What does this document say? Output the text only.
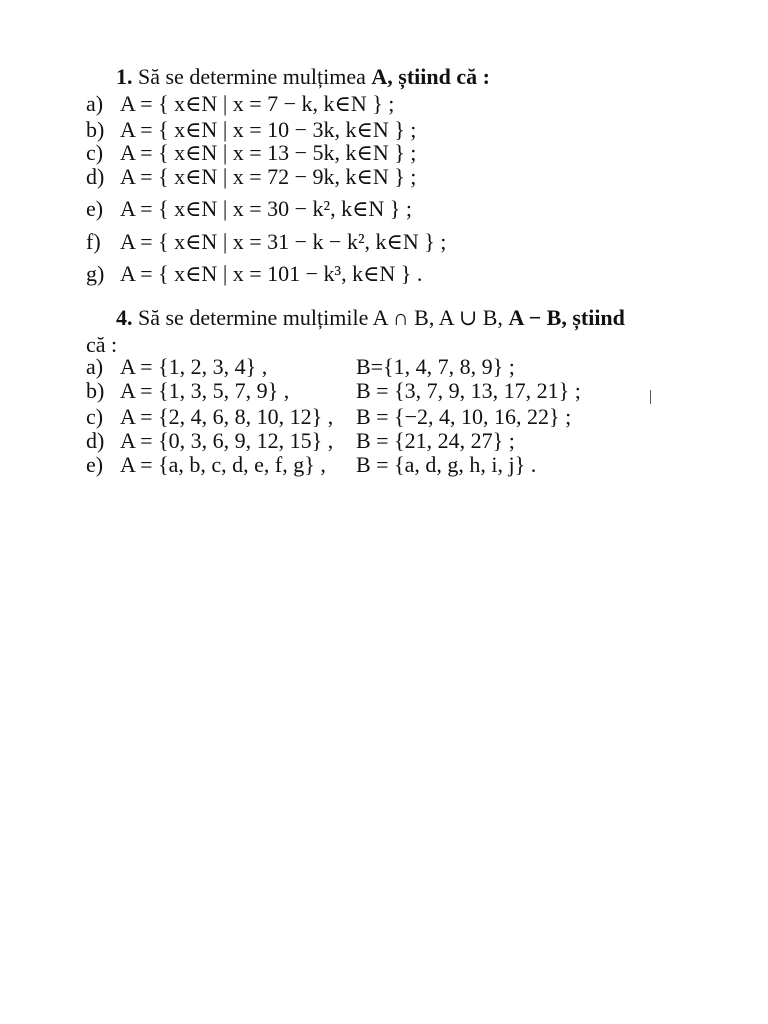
1. Să se determine mulțimea A, știind că :
a) A = { x∈N | x = 7 − k, k∈N } ;
b) A = { x∈N | x = 10 − 3k, k∈N } ;
c) A = { x∈N | x = 13 − 5k, k∈N } ;
d) A = { x∈N | x = 72 − 9k, k∈N } ;
e) A = { x∈N | x = 30 − k², k∈N } ;
f) A = { x∈N | x = 31 − k − k², k∈N } ;
g) A = { x∈N | x = 101 − k³, k∈N } .
4. Să se determine mulțimile A ∩ B, A ∪ B, A − B, știind
că :
a) A = {1, 2, 3, 4} ,
b) A = {1, 3, 5, 7, 9} ,
c) A = {2, 4, 6, 8, 10, 12} ,
d) A = {0, 3, 6, 9, 12, 15} ,
e) A = {a, b, c, d, e, f, g} ,
B={1, 4, 7, 8, 9} ;
B = {3, 7, 9, 13, 17, 21} ;
B = {−2, 4, 10, 16, 22} ;
B = {21, 24, 27} ;
B = {a, d, g, h, i, j} .
